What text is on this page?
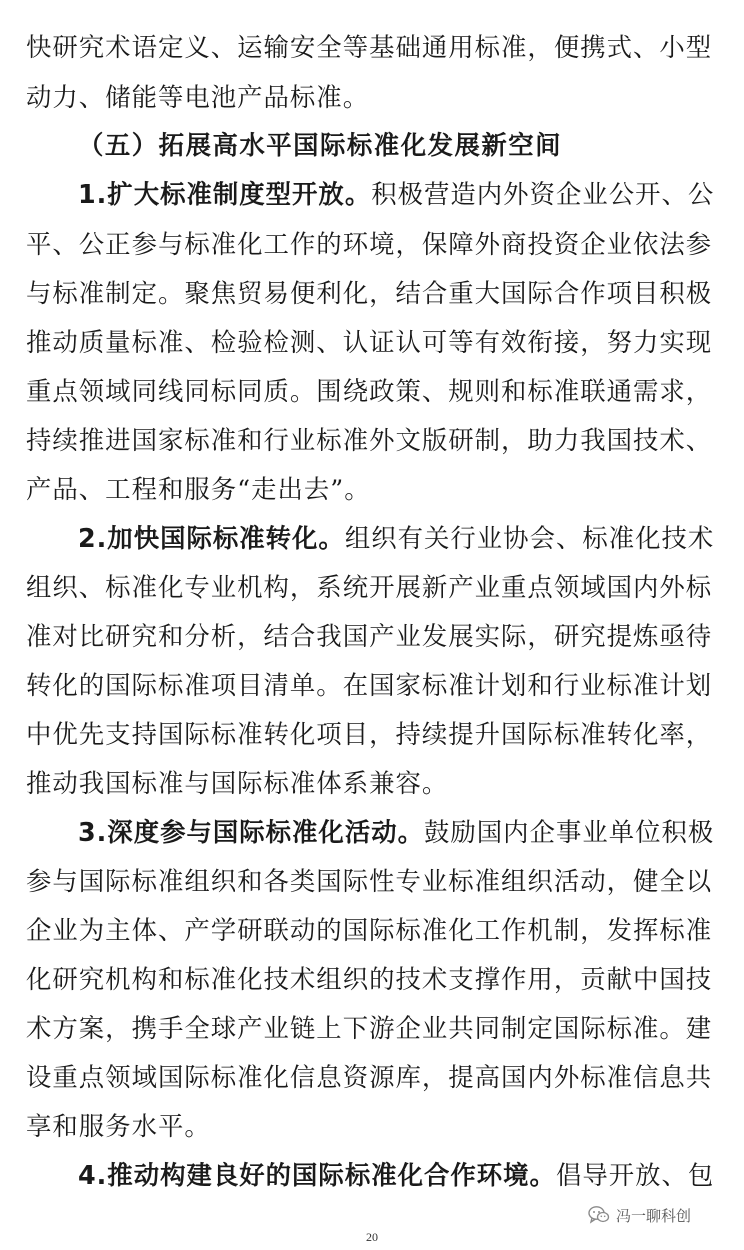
快研究术语定义、运输安全等基础通用标准，便携式、小型
动力、储能等电池产品标准。
（五）拓展高水平国际标准化发展新空间
1.扩大标准制度型开放。积极营造内外资企业公开、公
平、公正参与标准化工作的环境，保障外商投资企业依法参
与标准制定。聚焦贸易便利化，结合重大国际合作项目积极
推动质量标准、检验检测、认证认可等有效衔接，努力实现
重点领域同线同标同质。围绕政策、规则和标准联通需求，
持续推进国家标准和行业标准外文版研制，助力我国技术、
产品、工程和服务“走出去”。
2.加快国际标准转化。组织有关行业协会、标准化技术
组织、标准化专业机构，系统开展新产业重点领域国内外标
准对比研究和分析，结合我国产业发展实际，研究提炼亟待
转化的国际标准项目清单。在国家标准计划和行业标准计划
中优先支持国际标准转化项目，持续提升国际标准转化率，
推动我国标准与国际标准体系兼容。
3.深度参与国际标准化活动。鼓励国内企事业单位积极
参与国际标准组织和各类国际性专业标准组织活动，健全以
企业为主体、产学研联动的国际标准化工作机制，发挥标准
化研究机构和标准化技术组织的技术支撑作用，贡献中国技
术方案，携手全球产业链上下游企业共同制定国际标准。建
设重点领域国际标准化信息资源库，提高国内外标准信息共
享和服务水平。
4.推动构建良好的国际标准化合作环境。倡导开放、包
冯一聊科创
20
